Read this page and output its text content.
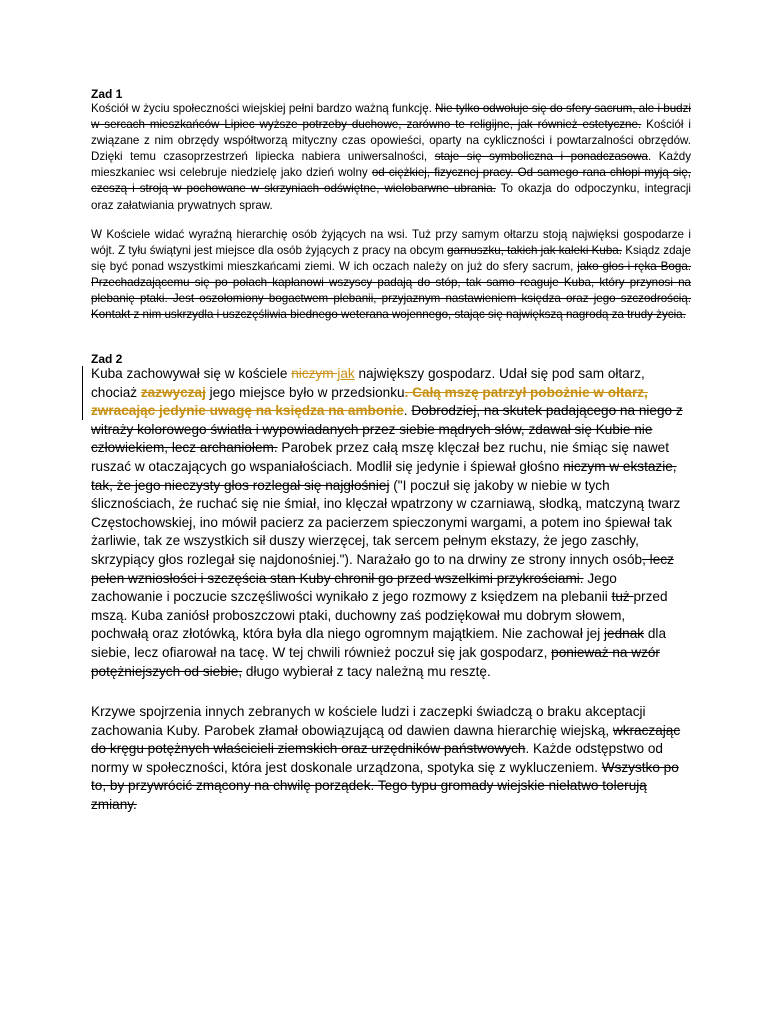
Zad 1

Kościół w życiu społeczności wiejskiej pełni bardzo ważną funkcję. Nie tylko odwołuje się do sfery sacrum, ale i budzi w sercach mieszkańców Lipiec wyższe potrzeby duchowe, zarówno te religijne, jak również estetyczne. Kościół i związane z nim obrzędy współtworzą mityczny czas opowieści, oparty na cykliczności i powtarzalności obrzędów. Dzięki temu czasoprzestrzeń lipiecka nabiera uniwersalności, staje się symboliczna i ponadczasowa. Każdy mieszkaniec wsi celebruje niedzielę jako dzień wolny od ciężkiej, fizycznej pracy. Od samego rana chłopi myją się, czeszą i stroją w pochowane w skrzyniach odświętne, wielobarwne ubrania. To okazja do odpoczynku, integracji oraz załatwiania prywatnych spraw.

W Kościele widać wyraźną hierarchię osób żyjących na wsi. Tuż przy samym ołtarzu stoją najwięksi gospodarze i wójt. Z tyłu świątyni jest miejsce dla osób żyjących z pracy na obcym garnuszku, takich jak kaleki Kuba. Ksiądz zdaje się być ponad wszystkimi mieszkańcami ziemi. W ich oczach należy on już do sfery sacrum, jako głos i ręka Boga. Przechadzającemu się po polach kapłanowi wszyscy padają do stóp, tak samo reaguje Kuba, który przynosi na plebanię ptaki. Jest oszołomiony bogactwem plebanii, przyjaznym nastawieniem księdza oraz jego szczodrością. Kontakt z nim uskrzydla i uszczęśliwia biednego weterana wojennego, stając się największą nagrodą za trudy życia.

Zad 2

Kuba zachowywał się w kościele niczym jak największy gospodarz. Udał się pod sam ołtarz, chociaż zazwyczaj jego miejsce było w przedsionku. Całą mszę patrzył pobożnie w ołtarz, zwracając jedynie uwagę na księdza na ambonie. Dobrodziej, na skutek padającego na niego z witraży kolorowego światła i wypowiadanych przez siebie mądrych słów, zdawał się Kubie nie człowiekiem, lecz archaniołem. Parobek przez całą mszę klęczał bez ruchu, nie śmiąc się nawet ruszać w otaczających go wspaniałościach. Modlił się jedynie i śpiewał głośno niczym w ekstazie, tak, że jego nieczysty głos rozlegał się najgłośniej ("I poczuł się jakoby w niebie w tych ślicznościach, że ruchać się nie śmiał, ino klęczał wpatrzony w czarniawą, słodką, matczyną twarz Częstochowskiej, ino mówił pacierz za pacierzem spieczonymi wargami, a potem ino śpiewał tak żarliwie, tak ze wszystkich sił duszy wierzęcej, tak sercem pełnym ekstazy, że jego zaschły, skrzypiący głos rozlegał się najdonośniej."). Narażało go to na drwiny ze strony innych osób, lecz pełen wzniosłości i szczęścia stan Kuby chronił go przed wszelkimi przykrościami. Jego zachowanie i poczucie szczęśliwości wynikało z jego rozmowy z księdzem na plebanii tuż przed mszą. Kuba zaniósł proboszczowi ptaki, duchowny zaś podziękował mu dobrym słowem, pochwałą oraz złotówką, która była dla niego ogromnym majątkiem. Nie zachował jej jednak dla siebie, lecz ofiarował na tacę. W tej chwili również poczuł się jak gospodarz, ponieważ na wzór potężniejszych od siebie, długo wybierał z tacy należną mu resztę.

Krzywe spojrzenia innych zebranych w kościele ludzi i zaczepki świadczą o braku akceptacji zachowania Kuby. Parobek złamał obowiązującą od dawien dawna hierarchię wiejską, wkraczając do kręgu potężnych właścicieli ziemskich oraz urzędników państwowych. Każde odstępstwo od normy w społeczności, która jest doskonale urządzona, spotyka się z wykluczeniem. Wszystko po to, by przywrócić zmącony na chwilę porządek. Tego typu gromady wiejskie niełatwo tolerują zmiany.
